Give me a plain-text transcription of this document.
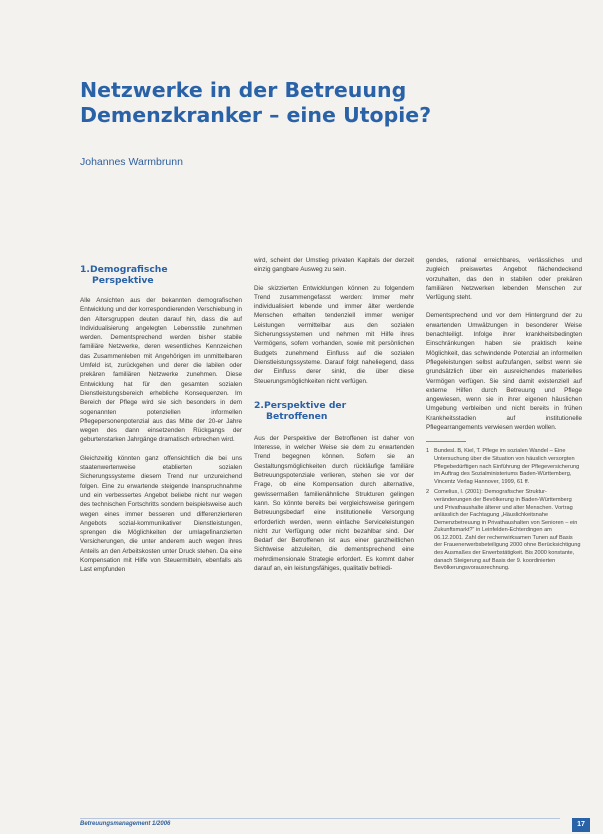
Netzwerke in der Betreuung Demenzkranker – eine Utopie?

Johannes Warmbrunn

1.Demografische
Perspektive

Alle Ansichten aus der bekannten demografischen Entwicklung und der korrespondierenden Verschiebung in den Altersgruppen deuten darauf hin, dass die auf Individualisierung angelegten Lebensstile zunehmen werden. Dementsprechend werden bisher stabile familiäre Netzwerke, deren wesentliches Kennzeichen das Zusammenleben mit Angehörigen im unmittelbaren Umfeld ist, zurückgehen und derer die labilen oder prekären familiären Netzwerke zunehmen. Diese Entwicklung hat für den gesamten sozialen Dienstleistungsbereich erhebliche Konsequenzen. Im Bereich der Pflege wird sie sich besonders in dem sogenannten potenziellen informellen Pflegepersonenpotenzial aus das Mitte der 20-er Jahre wegen des dann einsetzenden Rückgangs der geburtenstarken Jahrgänge dramatisch erbrechen wird.

Gleichzeitig könnten ganz offensichtlich die bei uns staatenwertenweise etablierten sozialen Sicherungssysteme diesem Trend nur unzureichend folgen. Eine zu erwartende steigende Inanspruchnahme und ein verbessertes Angebot beliebe nicht nur wegen des technischen Fortschritts sondern beispielsweise auch wegen eines immer besseren und differenzierteren Angebots sozial-kommunikativer Dienstleistungen, sprengen die Möglichkeiten der umlagefinanzierten Versicherungen, die unter anderem auch wegen ihres Anteils an den Arbeitskosten unter Druck stehen. Da eine Kompensation mit Hilfe von Steuermitteln, ebenfalls als Last empfunden

wird, scheint der Umstieg privaten Kapitals der derzeit einzig gangbare Ausweg zu sein.

Die skizzierten Entwicklungen können zu folgendem Trend zusammengefasst werden: Immer mehr individualisiert lebende und immer älter werdende Menschen erhalten tendenziell immer weniger Leistungen vermittelbar aus den sozialen Sicherungssystemen und nehmen mit Hilfe ihres Vermögens, sofern vorhanden, sowie mit persönlichen Budgets zunehmend Einfluss auf die sozialen Dienstleistungssysteme. Darauf folgt naheliegend, dass der Einfluss derer sinkt, die über diese Steuerungsmöglichkeiten nicht verfügen.

2.Perspektive der
Betroffenen

Aus der Perspektive der Betroffenen ist daher von Interesse, in welcher Weise sie dem zu erwartenden Trend begegnen können. Sofern sie an Gestaltungsmöglichkeiten durch rückläufige familiäre Betreuungspotenziale verlieren, stehen sie vor der Frage, ob eine Kompensation durch alternative, gewissermaßen familienähnliche Strukturen gelingen kann. So könnte bereits bei vergleichsweise geringem Betreuungsbedarf eine institutionelle Versorgung erforderlich werden, wenn einfache Serviceleistungen nicht zur Verfügung oder nicht bezahlbar sind. Der Bedarf der Betroffenen ist aus einer ganzheitlichen Sichtweise abzuleiten, die dementsprechend eine mehrdimensionale Strategie erfordert. Es kommt daher darauf an, ein leistungsfähiges, qualitativ befriedi-

gendes, rational erreichbares, verlässliches und zugleich preiswertes Angebot flächendeckend vorzuhalten, das den in stabilen oder prekären familiären Netzwerken lebenden Menschen zur Verfügung steht.

Dementsprechend und vor dem Hintergrund der zu erwartenden Umwälzungen in besonderer Weise benachteiligt. Infolge ihrer krankheitsbedingten Einschränkungen haben sie praktisch keine Möglichkeit, das schwindende Potenzial an informellen Pflegeleistungen selbst aufzufangen, selbst wenn sie grundsätzlich über ein ausreichendes materielles Vermögen verfügen. Sie sind damit existenziell auf externe Hilfen durch Betreuung und Pflege angewiesen, wenn sie in ihrer eigenen häuslichen Umgebung verbleiben und nicht bereits in frühen Krankheitsstadien auf institutionelle Pflegearrangements verwiesen werden wollen.

1 Bundesl. B, Kiel, T. Pflege im sozialen Wandel – Eine Untersuchung über die Situation von häuslich versorgten Pflegebedürftigen nach Einführung der Pflegeversicherung im Auftrag des Sozialministeriums Baden-Württemberg, Vincentz Verlag Hannover, 1999, 61 ff.
2 Comelius, I. (2001): Demografischer Strukturveränderungen der Bevölkerung in Baden-Württemberg und Privathaushalte älterer und alter Menschen. Vortrag anlässlich der Fachtagung „Häuslichkeitsnahe Demenzbetreuung in Privathaushalten von Senioren – ein Zukunftsmarkt?“ in Leinfelden-Echterdingen am 06.12.2001. Zahl der rechenwirksamen Tunen auf Basis der Frauenerwerbsbeteiligung 2000 ohne Berücksichtigung des Ausmaßes der Erwerbstätigkeit. Bis 2000 konstante, danach Steigerung auf Basis der 9. koordinierten Bevölkerungsvorausrechnung.
Betreuungsmanagement 1/2006	17
